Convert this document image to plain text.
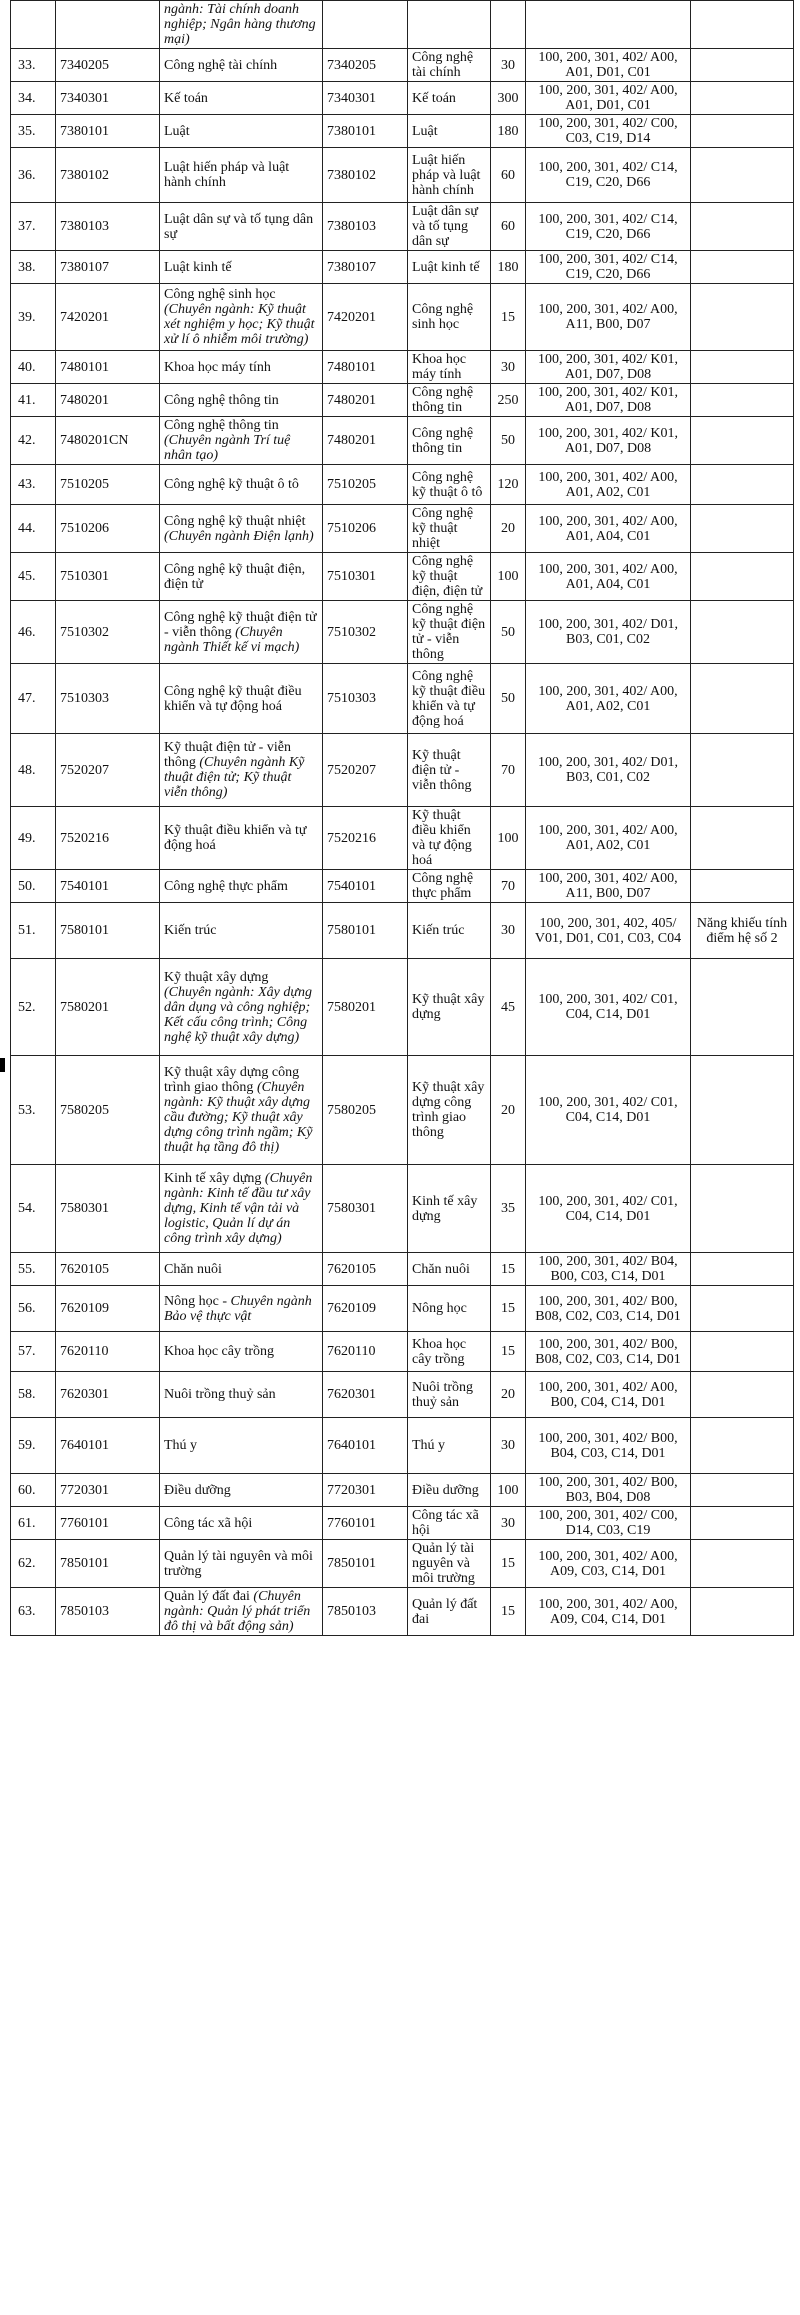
		ngành: Tài chính doanh nghiệp; Ngân hàng thương mại)					
33.	7340205	Công nghệ tài chính	7340205	Công nghệ tài chính	30	100, 200, 301, 402/ A00, A01, D01, C01	
34.	7340301	Kế toán	7340301	Kế toán	300	100, 200, 301, 402/ A00, A01, D01, C01	
35.	7380101	Luật	7380101	Luật	180	100, 200, 301, 402/ C00, C03, C19, D14	
36.	7380102	Luật hiến pháp và luật hành chính	7380102	Luật hiến pháp và luật hành chính	60	100, 200, 301, 402/ C14, C19, C20, D66	
37.	7380103	Luật dân sự và tố tụng dân sự	7380103	Luật dân sự và tố tụng dân sự	60	100, 200, 301, 402/ C14, C19, C20, D66	
38.	7380107	Luật kinh tế	7380107	Luật kinh tế	180	100, 200, 301, 402/ C14, C19, C20, D66	
39.	7420201	Công nghệ sinh học (Chuyên ngành: Kỹ thuật xét nghiệm y học; Kỹ thuật xử lí ô nhiễm môi trường)	7420201	Công nghệ sinh học	15	100, 200, 301, 402/ A00, A11, B00, D07	
40.	7480101	Khoa học máy tính	7480101	Khoa học máy tính	30	100, 200, 301, 402/ K01, A01, D07, D08	
41.	7480201	Công nghệ thông tin	7480201	Công nghệ thông tin	250	100, 200, 301, 402/ K01, A01, D07, D08	
42.	7480201CN	Công nghệ thông tin (Chuyên ngành Trí tuệ nhân tạo)	7480201	Công nghệ thông tin	50	100, 200, 301, 402/ K01, A01, D07, D08	
43.	7510205	Công nghệ kỹ thuật ô tô	7510205	Công nghệ kỹ thuật ô tô	120	100, 200, 301, 402/ A00, A01, A02, C01	
44.	7510206	Công nghệ kỹ thuật nhiệt (Chuyên ngành Điện lạnh)	7510206	Công nghệ kỹ thuật nhiệt	20	100, 200, 301, 402/ A00, A01, A04, C01	
45.	7510301	Công nghệ kỹ thuật điện, điện tử	7510301	Công nghệ kỹ thuật điện, điện tử	100	100, 200, 301, 402/ A00, A01, A04, C01	
46.	7510302	Công nghệ kỹ thuật điện tử - viễn thông (Chuyên ngành Thiết kế vi mạch)	7510302	Công nghệ kỹ thuật điện tử - viễn thông	50	100, 200, 301, 402/ D01, B03, C01, C02	
47.	7510303	Công nghệ kỹ thuật điều khiển và tự động hoá	7510303	Công nghệ kỹ thuật điều khiển và tự động hoá	50	100, 200, 301, 402/ A00, A01, A02, C01	
48.	7520207	Kỹ thuật điện tử - viễn thông (Chuyên ngành Kỹ thuật điện tử; Kỹ thuật viễn thông)	7520207	Kỹ thuật điện tử - viễn thông	70	100, 200, 301, 402/ D01, B03, C01, C02	
49.	7520216	Kỹ thuật điều khiển và tự động hoá	7520216	Kỹ thuật điều khiển và tự động hoá	100	100, 200, 301, 402/ A00, A01, A02, C01	
50.	7540101	Công nghệ thực phẩm	7540101	Công nghệ thực phẩm	70	100, 200, 301, 402/ A00, A11, B00, D07	
51.	7580101	Kiến trúc	7580101	Kiến trúc	30	100, 200, 301, 402, 405/ V01, D01, C01, C03, C04	Năng khiếu tính điểm hệ số 2
52.	7580201	Kỹ thuật xây dựng (Chuyên ngành: Xây dựng dân dụng và công nghiệp; Kết cấu công trình; Công nghệ kỹ thuật xây dựng)	7580201	Kỹ thuật xây dựng	45	100, 200, 301, 402/ C01, C04, C14, D01	
53.	7580205	Kỹ thuật xây dựng công trình giao thông (Chuyên ngành: Kỹ thuật xây dựng cầu đường; Kỹ thuật xây dựng công trình ngầm; Kỹ thuật hạ tầng đô thị)	7580205	Kỹ thuật xây dựng công trình giao thông	20	100, 200, 301, 402/ C01, C04, C14, D01	
54.	7580301	Kinh tế xây dựng (Chuyên ngành: Kinh tế đầu tư xây dựng, Kinh tế vận tải và logistic, Quản lí dự án công trình xây dựng)	7580301	Kinh tế xây dựng	35	100, 200, 301, 402/ C01, C04, C14, D01	
55.	7620105	Chăn nuôi	7620105	Chăn nuôi	15	100, 200, 301, 402/ B04, B00, C03, C14, D01	
56.	7620109	Nông học - Chuyên ngành Bảo vệ thực vật	7620109	Nông học	15	100, 200, 301, 402/ B00, B08, C02, C03, C14, D01	
57.	7620110	Khoa học cây trồng	7620110	Khoa học cây trồng	15	100, 200, 301, 402/ B00, B08, C02, C03, C14, D01	
58.	7620301	Nuôi trồng thuỷ sản	7620301	Nuôi trồng thuỷ sản	20	100, 200, 301, 402/ A00, B00, C04, C14, D01	
59.	7640101	Thú y	7640101	Thú y	30	100, 200, 301, 402/ B00, B04, C03, C14, D01	
60.	7720301	Điều dưỡng	7720301	Điều dưỡng	100	100, 200, 301, 402/ B00, B03, B04, D08	
61.	7760101	Công tác xã hội	7760101	Công tác xã hội	30	100, 200, 301, 402/ C00, D14, C03, C19	
62.	7850101	Quản lý tài nguyên và môi trường	7850101	Quản lý tài nguyên và môi trường	15	100, 200, 301, 402/ A00, A09, C03, C14, D01	
63.	7850103	Quản lý đất đai (Chuyên ngành: Quản lý phát triển đô thị và bất động sản)	7850103	Quản lý đất đai	15	100, 200, 301, 402/ A00, A09, C04, C14, D01	
